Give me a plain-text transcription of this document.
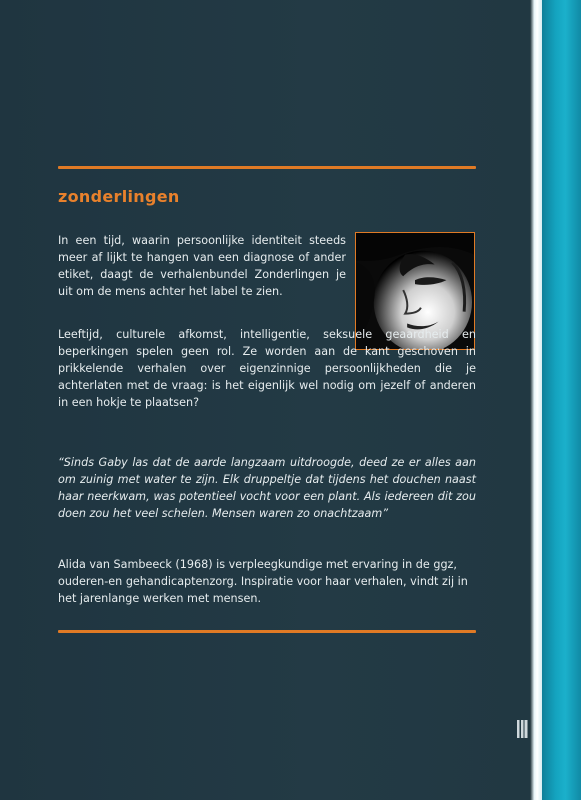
zonderlingen

In een tijd, waarin persoonlijke identiteit steeds meer af lijkt te hangen van een diagnose of ander etiket, daagt de verhalenbundel Zonderlingen je uit om de mens achter het label te zien.

Leeftijd, culturele afkomst, intelligentie, seksuele geaardheid en beperkingen spelen geen rol. Ze worden aan de kant geschoven in prikkelende verhalen over eigenzinnige persoonlijkheden die je achterlaten met de vraag: is het eigenlijk wel nodig om jezelf of anderen in een hokje te plaatsen?

“Sinds Gaby las dat de aarde langzaam uitdroogde, deed ze er alles aan om zuinig met water te zijn. Elk druppeltje dat tijdens het douchen naast haar neerkwam, was potentieel vocht voor een plant. Als iedereen dit zou doen zou het veel schelen. Mensen waren zo onachtzaam”

Alida van Sambeeck (1968) is verpleegkundige met ervaring in de ggz, ouderen-en gehandicaptenzorg. Inspiratie voor haar verhalen, vindt zij in het jarenlange werken met mensen.
